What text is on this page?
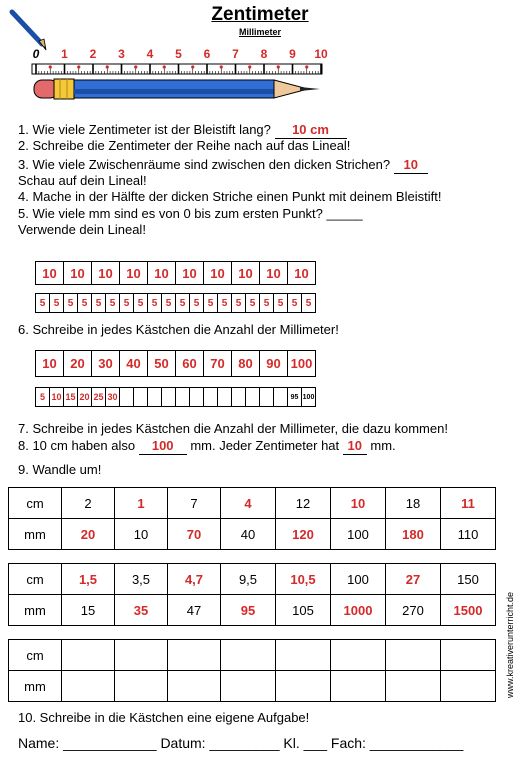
Zentimeter
Millimeter
0 1 2 3 4 5 6 7 8 9 10
1. Wie viele Zentimeter ist der Bleistift lang? 10 cm
2. Schreibe die Zentimeter der Reihe nach auf das Lineal!
3. Wie viele Zwischenräume sind zwischen den dicken Strichen? 10
Schau auf dein Lineal!
4. Mache in der Hälfte der dicken Striche einen Punkt mit deinem Bleistift!
5. Wie viele mm sind es von 0 bis zum ersten Punkt? _____
Verwende dein Lineal!
10	10	10	10	10	10	10	10	10	10
5 5 5 5 5 5 5 5 5 5 5 5 5 5 5 5 5 5 5 5
6. Schreibe in jedes Kästchen die Anzahl der Millimeter!
10	20	30	40	50	60	70	80	90 100
5 10 15 20 25 30	95 100
7. Schreibe in jedes Kästchen die Anzahl der Millimeter, die dazu kommen!
8. 10 cm haben also 100 mm. Jeder Zentimeter hat 10 mm.
9. Wandle um!
cm	2	1	7	4	12	10	18	11
mm	20	10	70	40	120	100	180	110
cm	1,5	3,5	4,7	9,5	10,5	100	27	150
mm	15	35	47	95	105	1000	270	1500
cm								
mm								
10. Schreibe in die Kästchen eine eigene Aufgabe!
Name: ____________ Datum: _________ Kl. ___ Fach: ____________
www.kreativerunterricht.de
